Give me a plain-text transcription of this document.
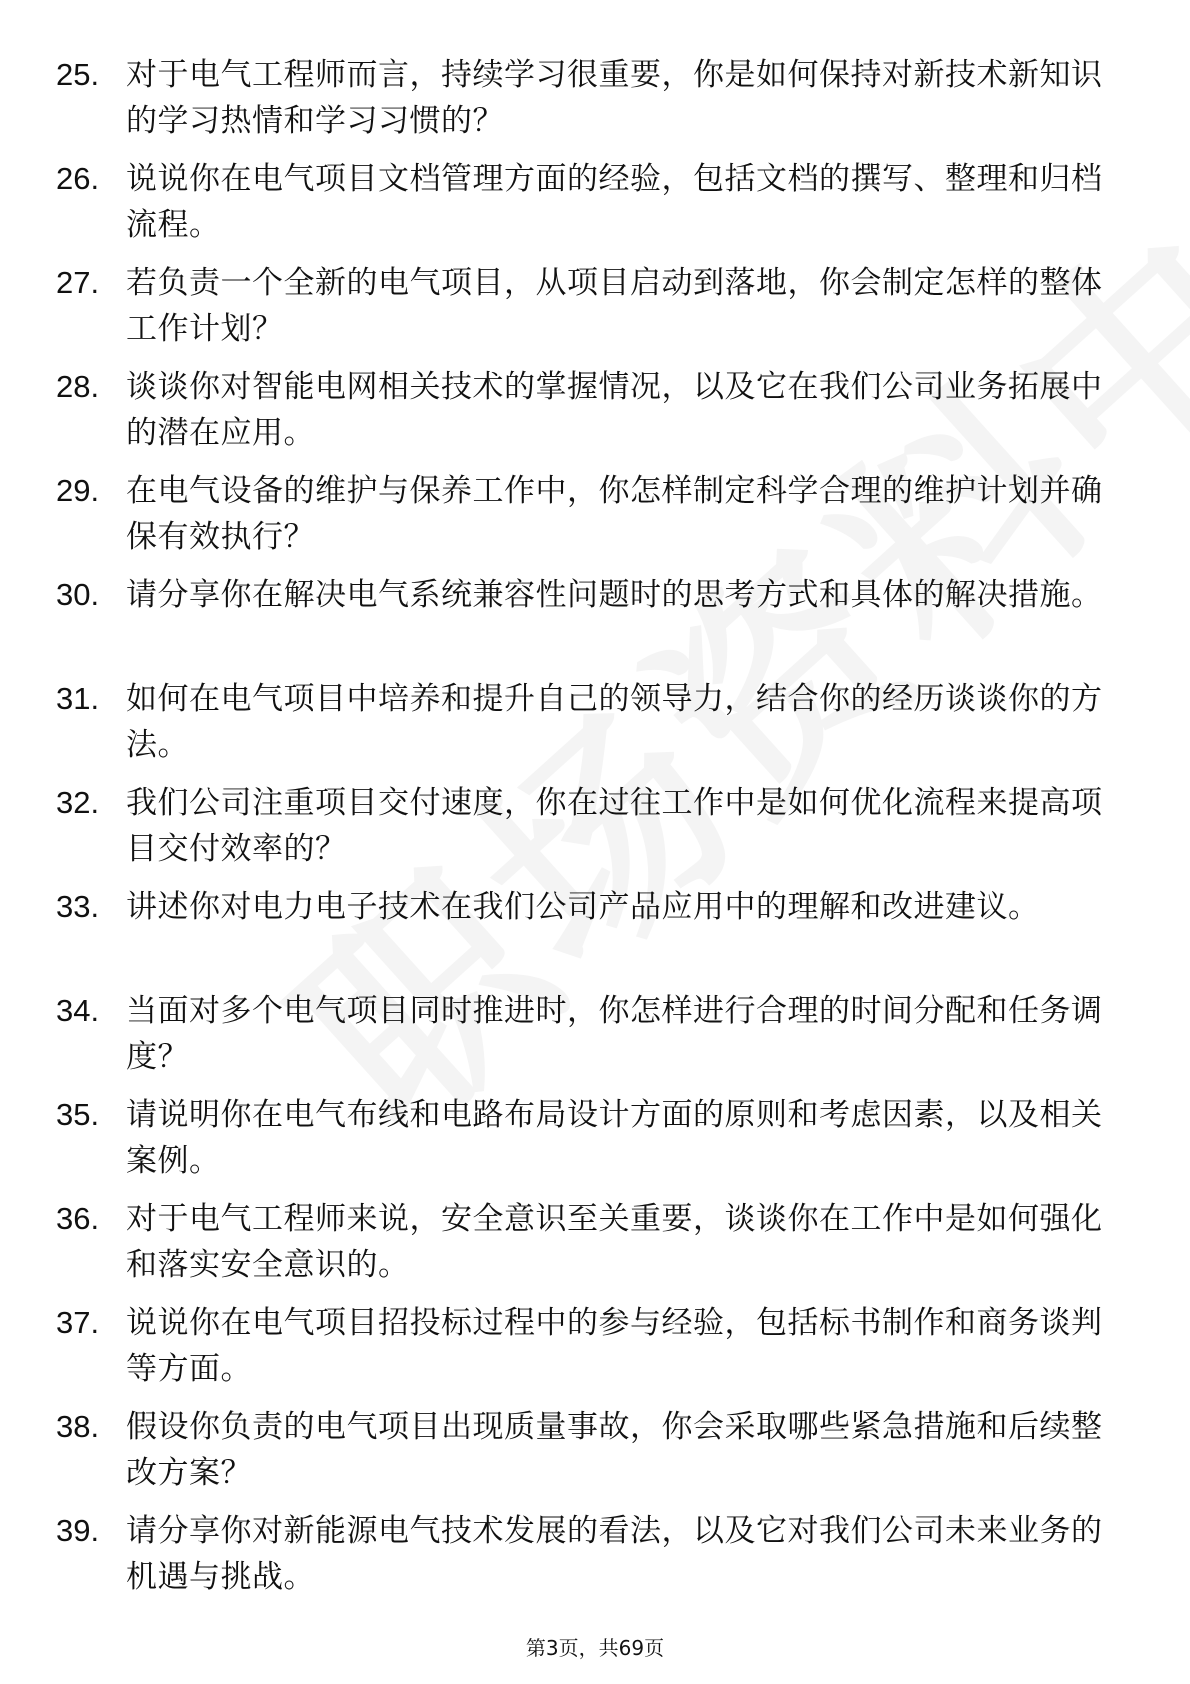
25. 对于电气工程师而言，持续学习很重要，你是如何保持对新技术新知识的学习热情和学习习惯的？
26. 说说你在电气项目文档管理方面的经验，包括文档的撰写、整理和归档流程。
27. 若负责一个全新的电气项目，从项目启动到落地，你会制定怎样的整体工作计划？
28. 谈谈你对智能电网相关技术的掌握情况，以及它在我们公司业务拓展中的潜在应用。
29. 在电气设备的维护与保养工作中，你怎样制定科学合理的维护计划并确保有效执行？
30. 请分享你在解决电气系统兼容性问题时的思考方式和具体的解决措施。
31. 如何在电气项目中培养和提升自己的领导力，结合你的经历谈谈你的方法。
32. 我们公司注重项目交付速度，你在过往工作中是如何优化流程来提高项目交付效率的？
33. 讲述你对电力电子技术在我们公司产品应用中的理解和改进建议。
34. 当面对多个电气项目同时推进时，你怎样进行合理的时间分配和任务调度？
35. 请说明你在电气布线和电路布局设计方面的原则和考虑因素，以及相关案例。
36. 对于电气工程师来说，安全意识至关重要，谈谈你在工作中是如何强化和落实安全意识的。
37. 说说你在电气项目招投标过程中的参与经验，包括标书制作和商务谈判等方面。
38. 假设你负责的电气项目出现质量事故，你会采取哪些紧急措施和后续整改方案？
39. 请分享你对新能源电气技术发展的看法，以及它对我们公司未来业务的机遇与挑战。
第3页，共69页
